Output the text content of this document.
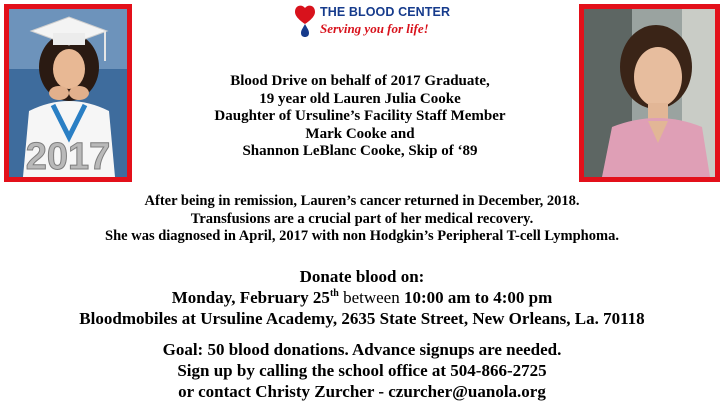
2017
THE BLOOD CENTER
Serving you for life!
Blood Drive on behalf of 2017 Graduate,
19 year old Lauren Julia Cooke
Daughter of Ursuline’s Facility Staff Member
Mark Cooke and
Shannon LeBlanc Cooke, Skip of ‘89
After being in remission, Lauren’s cancer returned in December, 2018.
Transfusions are a crucial part of her medical recovery.
She was diagnosed in April, 2017 with non Hodgkin’s Peripheral T-cell Lymphoma.
Donate blood on:
Monday, February 25th between 10:00 am to 4:00 pm
Bloodmobiles at Ursuline Academy, 2635 State Street, New Orleans, La. 70118
Goal: 50 blood donations. Advance signups are needed.
Sign up by calling the school office at 504-866-2725
or contact Christy Zurcher - czurcher@uanola.org
